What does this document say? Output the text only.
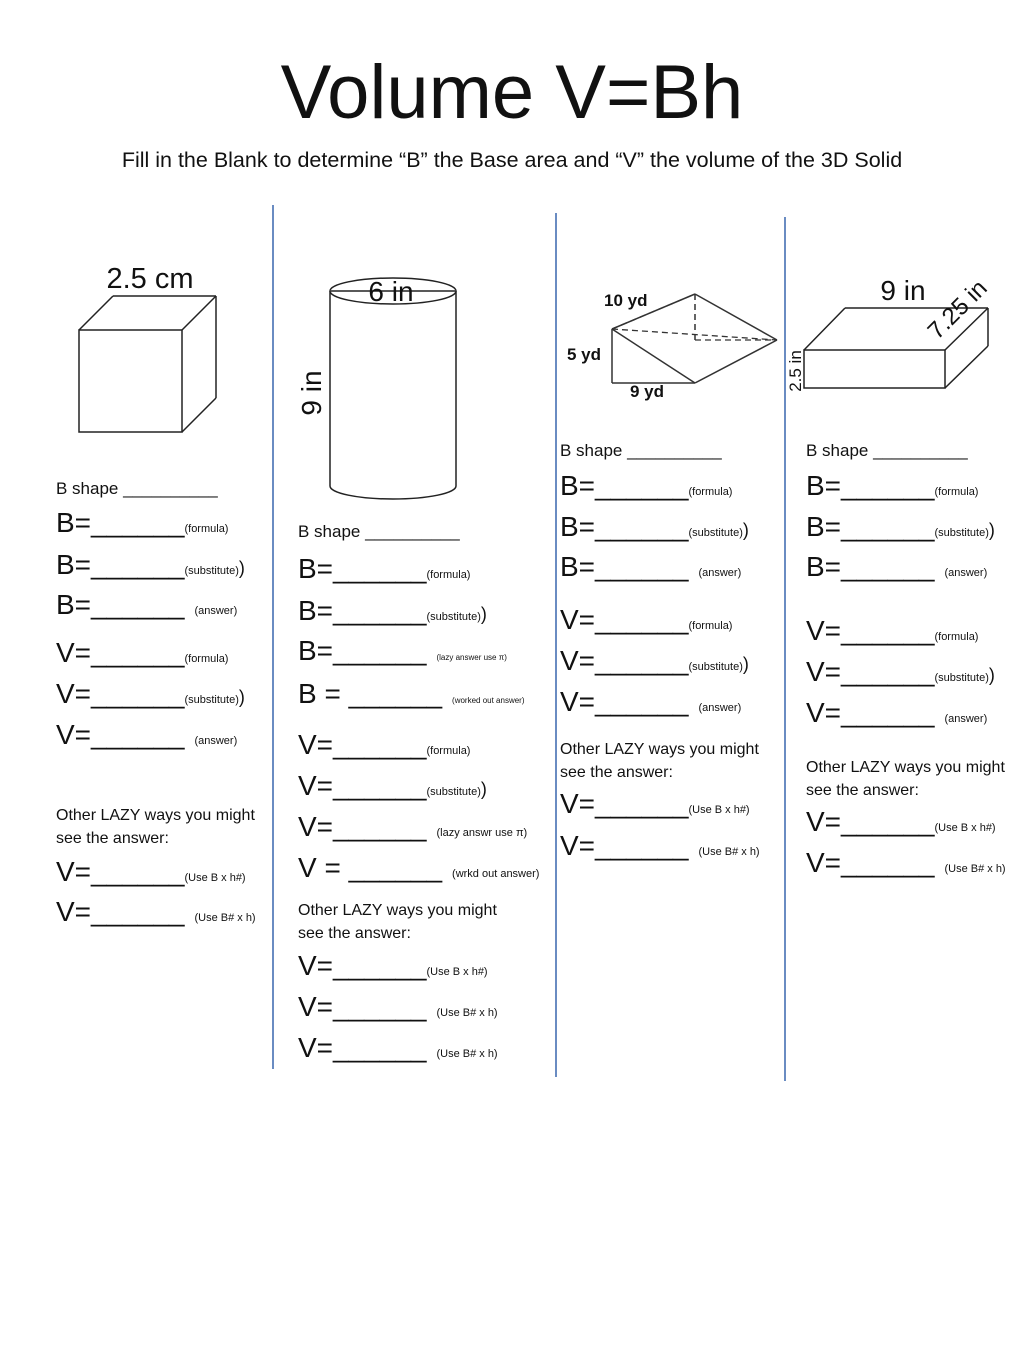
Volume V=Bh
Fill in the Blank to determine “B” the Base area and “V” the volume of the 3D Solid
2.5 cm	6 in
9 in
10 yd
5 yd
9 yd
9 in
7.25 in
2.5 in
B shape __________
B=______(formula)
B=______(substitute))
B=______ (answer)
V=______(formula)
V=______(substitute))
V=______ (answer)
Other LAZY ways you might see the answer:
V=______(Use B x h#)
V=______ (Use B# x h)
B shape __________
B=______(formula)
B=______(substitute))
B=______ (lazy answer use π)
B = ______ (worked out answer)
V=______(formula)
V=______(substitute))
V=______ (lazy answr use π)
V = ______ (wrkd out answer)
Other LAZY ways you might see the answer:
V=______(Use B x h#)
V=______ (Use B# x h)
V=______ (Use B# x h)
B shape __________
B=______(formula)
B=______(substitute))
B=______ (answer)
V=______(formula)
V=______(substitute))
V=______ (answer)
Other LAZY ways you might see the answer:
V=______(Use B x h#)
V=______ (Use B# x h)
B shape __________
B=______(formula)
B=______(substitute))
B=______ (answer)
V=______(formula)
V=______(substitute))
V=______ (answer)
Other LAZY ways you might see the answer:
V=______(Use B x h#)
V=______ (Use B# x h)
